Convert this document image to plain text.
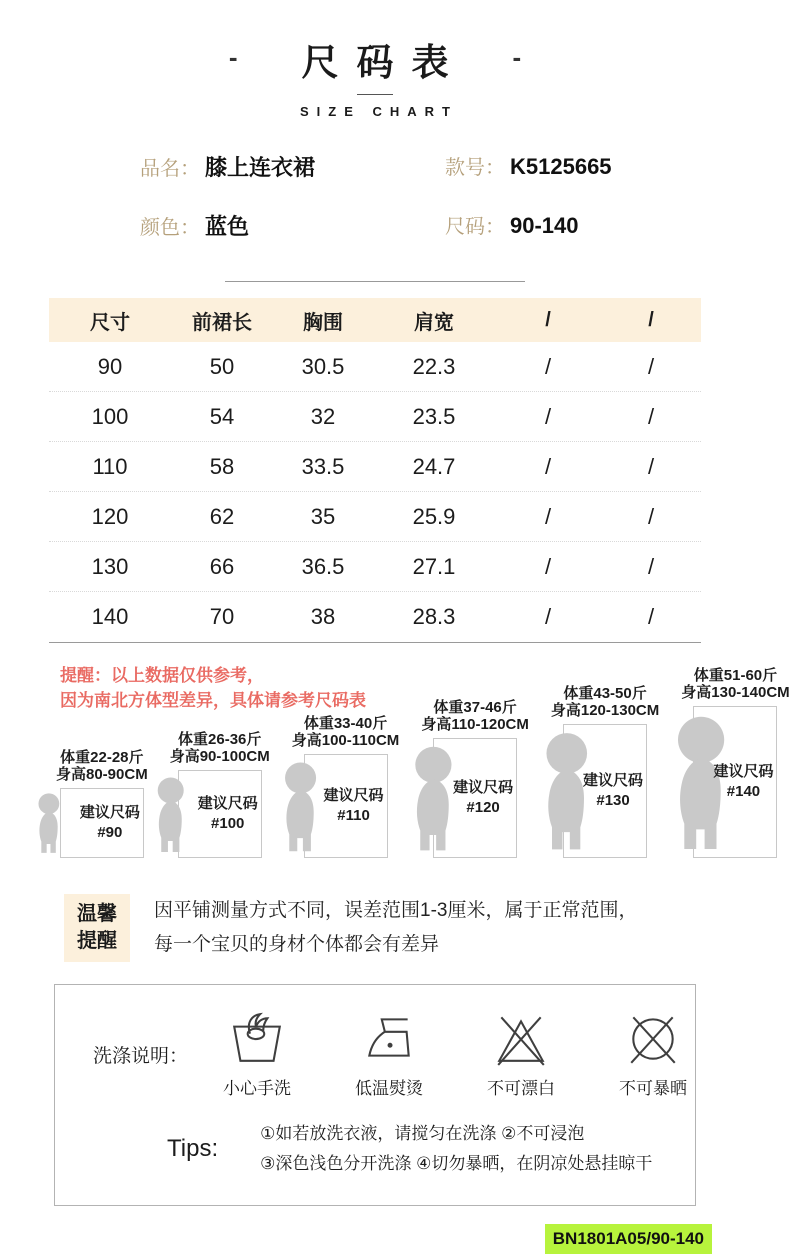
-	尺码表 -
SIZE CHART
品名： 膝上连衣裙	款号： K5125665
颜色： 蓝色	尺码： 90-140
尺寸	前裙长	胸围	肩宽	/	/
90	50	30.5	22.3	/	/
100	54	32	23.5	/	/
110	58	33.5	24.7	/	/
120	62	35	25.9	/	/
130	66	36.5	27.1	/	/
140	70	38	28.3	/	/
提醒：以上数据仅供参考，
因为南北方体型差异，具体请参考尺码表
体重22-28斤
身高80-90CM
建议尺码
#90
体重26-36斤
身高90-100CM
建议尺码
#100
体重33-40斤
身高100-110CM
建议尺码
#110
体重37-46斤
身高110-120CM
建议尺码
#120
体重43-50斤
身高120-130CM
建议尺码
#130
体重51-60斤
身高130-140CM
建议尺码
#140
温馨
提醒
因平铺测量方式不同，误差范围1-3厘米，属于正常范围，
每一个宝贝的身材个体都会有差异
洗涤说明：
小心手洗	低温熨烫	不可漂白	不可暴晒
Tips:
①如若放洗衣液，请搅匀在洗涤 ②不可浸泡
③深色浅色分开洗涤 ④切勿暴晒，在阴凉处悬挂晾干
BN1801A05/90-140
